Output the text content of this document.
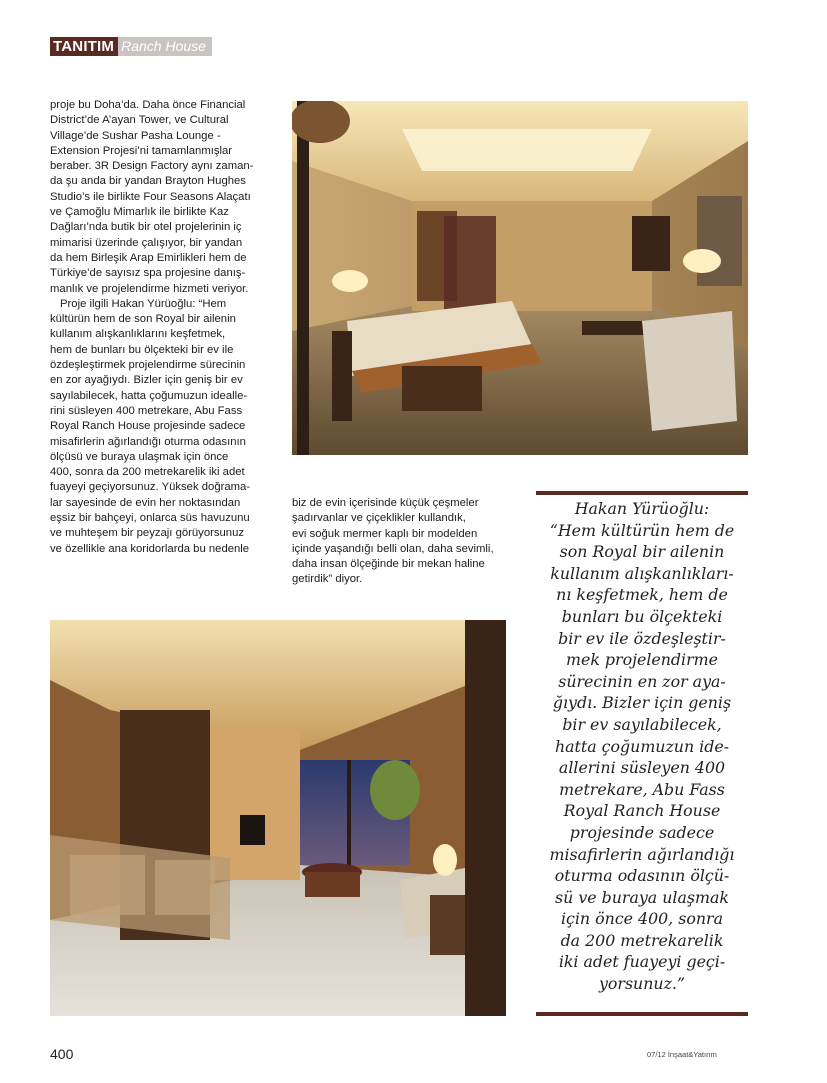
TANITIM Ranch House

proje bu Doha’da. Daha önce Financial
District’de A’ayan Tower, ve Cultural
Village’de Sushar Pasha Lounge -
Extension Projesi’ni tamamlanmışlar
beraber. 3R Design Factory aynı zaman-
da şu anda bir yandan Brayton Hughes
Studio’s ile birlikte Four Seasons Alaçatı
ve Çamoğlu Mimarlık ile birlikte Kaz
Dağları’nda butik bir otel projelerinin iç
mimarisi üzerinde çalışıyor, bir yandan
da hem Birleşik Arap Emirlikleri hem de
Türkiye’de sayısız spa projesine danış-
manlık ve projelendirme hizmeti veriyor.

Proje ilgili Hakan Yürüoğlu: “Hem
kültürün hem de son Royal bir ailenin
kullanım alışkanlıklarını keşfetmek,
hem de bunları bu ölçekteki bir ev ile
özdeşleştirmek projelendirme sürecinin
en zor ayağıydı. Bizler için geniş bir ev
sayılabilecek, hatta çoğumuzun idealle-
rini süsleyen 400 metrekare, Abu Fass
Royal Ranch House projesinde sadece
misafirlerin ağırlandığı oturma odasının
ölçüsü ve buraya ulaşmak için önce
400, sonra da 200 metrekarelik iki adet
fuayeyi geçiyorsunuz. Yüksek doğrama-
lar sayesinde de evin her noktasından
eşsiz bir bahçeyi, onlarca süs havuzunu
ve muhteşem bir peyzajı görüyorsunuz
ve özellikle ana koridorlarda bu nedenle

biz de evin içerisinde küçük çeşmeler
şadırvanlar ve çiçeklikler kullandık,
evi soğuk mermer kaplı bir modelden
içinde yaşandığı belli olan, daha sevimli,
daha insan ölçeğinde bir mekan haline
getirdik” diyor.

Hakan Yürüoğlu:
“Hem kültürün hem de
son Royal bir ailenin
kullanım alışkanlıkları-
nı keşfetmek, hem de
bunları bu ölçekteki
bir ev ile özdeşleştir-
mek projelendirme
sürecinin en zor aya-
ğıydı. Bizler için geniş
bir ev sayılabilecek,
hatta çoğumuzun ide-
allerini süsleyen 400
metrekare, Abu Fass
Royal Ranch House
projesinde sadece
misafirlerin ağırlandığı
oturma odasının ölçü-
sü ve buraya ulaşmak
için önce 400, sonra
da 200 metrekarelik
iki adet fuayeyi geçi-
yorsunuz.”
400	07/12 İnşaat&Yatırım
